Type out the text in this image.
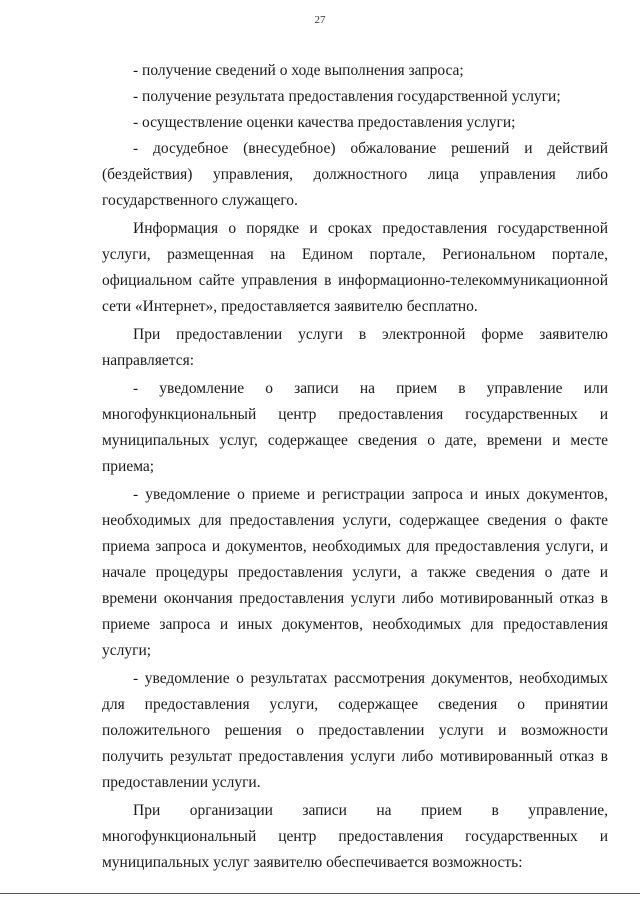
27

- получение сведений о ходе выполнения запроса;

- получение результата предоставления государственной услуги;

- осуществление оценки качества предоставления услуги;

- досудебное (внесудебное) обжалование решений и действий (бездействия) управления, должностного лица управления либо государственного служащего.

Информация о порядке и сроках предоставления государственной услуги, размещенная на Едином портале, Региональном портале, официальном сайте управления в информационно-телекоммуникационной сети «Интернет», предоставляется заявителю бесплатно.

При предоставлении услуги в электронной форме заявителю направляется:

- уведомление о записи на прием в управление или многофункциональный центр предоставления государственных и муниципальных услуг, содержащее сведения о дате, времени и месте приема;

- уведомление о приеме и регистрации запроса и иных документов, необходимых для предоставления услуги, содержащее сведения о факте приема запроса и документов, необходимых для предоставления услуги, и начале процедуры предоставления услуги, а также сведения о дате и времени окончания предоставления услуги либо мотивированный отказ в приеме запроса и иных документов, необходимых для предоставления услуги;

- уведомление о результатах рассмотрения документов, необходимых для предоставления услуги, содержащее сведения о принятии положительного решения о предоставлении услуги и возможности получить результат предоставления услуги либо мотивированный отказ в предоставлении услуги.

При организации записи на прием в управление, многофункциональный центр предоставления государственных и муниципальных услуг заявителю обеспечивается возможность:
